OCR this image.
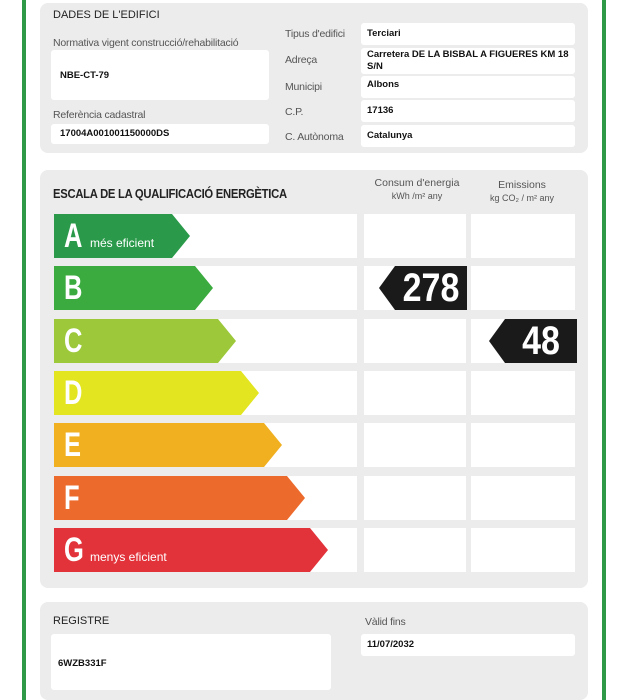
DADES DE L'EDIFICI
Normativa vigent construcció/rehabilitació
NBE-CT-79
Referència cadastral
17004A001001150000DS
Tipus d'edifici Terciari
Adreça	Carretera DE LA BISBAL A FIGUERES KM 18 S/N
Municipi	Albons
C.P.	17136
C. Autònoma Catalunya
ESCALA DE LA QUALIFICACIÓ ENERGÈTICA
Consum d'energia
kWh /m² any
Emissions
kg CO₂ / m² any
A més eficient
B
C
D
E
F
G menys eficient
278
48
REGISTRE
6WZB331F
Vàlid fins
11/07/2032
